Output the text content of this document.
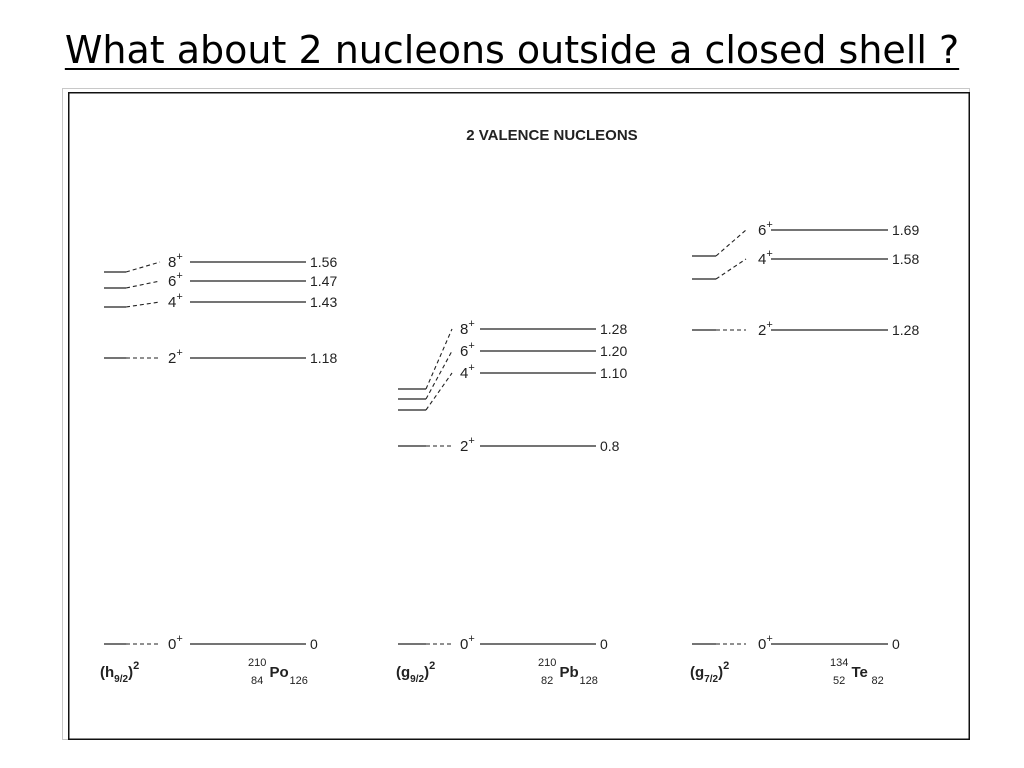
What about 2 nucleons outside a closed shell ?
2 VALENCE NUCLEONS
8+	1.56
6+	1.47
4+	1.43
2+	1.18
0+	0
$(h_{9/2})^2$	210
84 Po 126
8+	1.28
6+	1.20
4+	1.10
2+	0.8
0+	0
$(g_{9/2})^2$	210
82 Pb 128
6+	1.69
4+	1.58
2+	1.28
0+	0
$(g_{7/2})^2$	134
52 Te 82
